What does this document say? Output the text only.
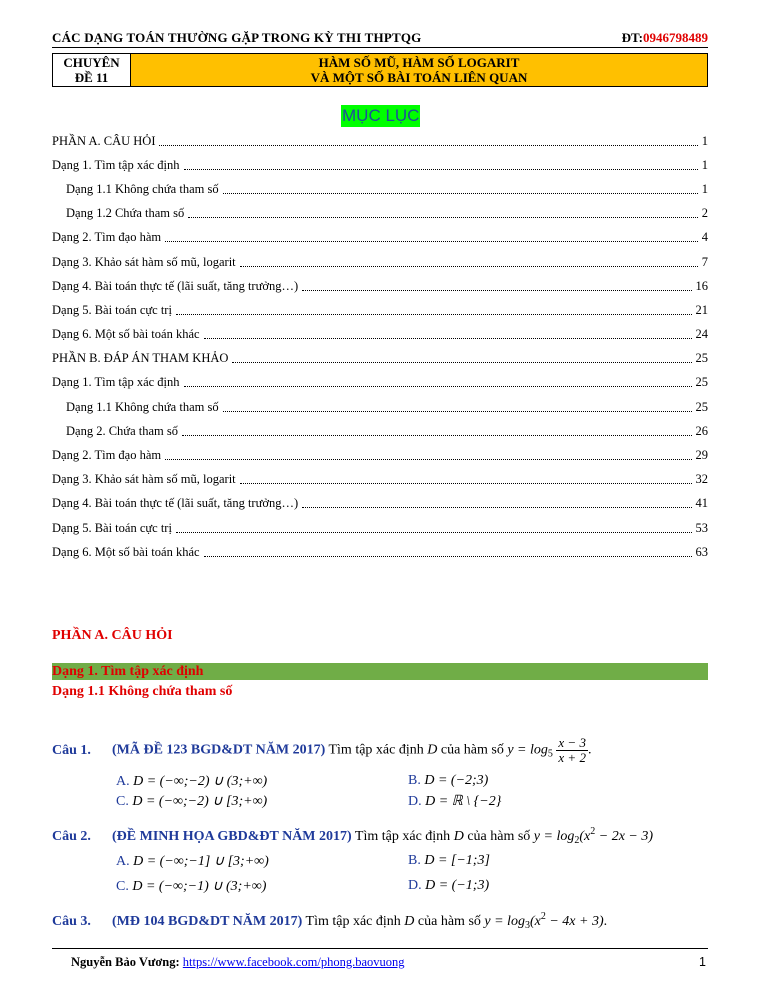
CÁC DẠNG TOÁN THƯỜNG GẶP TRONG KỲ THI THPTQG	ĐT:0946798489
CHUYÊN
ĐỀ 11
HÀM SỐ MŨ, HÀM SỐ LOGARIT
VÀ MỘT SỐ BÀI TOÁN LIÊN QUAN
MỤC LỤC
PHẦN A. CÂU HỎI	1
Dạng 1. Tìm tập xác định	1
Dạng 1.1 Không chứa tham số	1
Dạng 1.2 Chứa tham số	2
Dạng 2. Tìm đạo hàm	4
Dạng 3. Khảo sát hàm số mũ, logarit	7
Dạng 4. Bài toán thực tế (lãi suất, tăng trưởng…)	16
Dạng 5. Bài toán cực trị	21
Dạng 6. Một số bài toán khác	24
PHẦN B. ĐÁP ÁN THAM KHẢO	25
Dạng 1. Tìm tập xác định	25
Dạng 1.1 Không chứa tham số	25
Dạng 2. Chứa tham số	26
Dạng 2. Tìm đạo hàm	29
Dạng 3. Khảo sát hàm số mũ, logarit	32
Dạng 4. Bài toán thực tế (lãi suất, tăng trưởng…)	41
Dạng 5. Bài toán cực trị	53
Dạng 6. Một số bài toán khác	63
PHẦN A. CÂU HỎI
Dạng 1. Tìm tập xác định
Dạng 1.1 Không chứa tham số
Câu 1. (MÃ ĐỀ 123 BGD&DT NĂM 2017) Tìm tập xác định D của hàm số $y = \log_5 \frac{x - 3}{x + 2}$ .
A. D = (−∞;−2) ∪ (3;+∞)	B. D = (−2;3)
C. D = (−∞;−2) ∪ [3;+∞)	D. D = ℝ \ {−2}
Câu 2. (ĐỀ MINH HỌA GBD&ĐT NĂM 2017) Tìm tập xác định D của hàm số $y = \log_2(x^2 - 2x - 3)$
A. D = (−∞;−1] ∪ [3;+∞)	B. D = [−1;3]
C. D = (−∞;−1) ∪ (3;+∞)	D. D = (−1;3)
Câu 3. (MĐ 104 BGD&DT NĂM 2017) Tìm tập xác định D của hàm số $y = \log_3(x^2 - 4x + 3)$.
Nguyễn Bảo Vương: https://www.facebook.com/phong.baovuong	1
